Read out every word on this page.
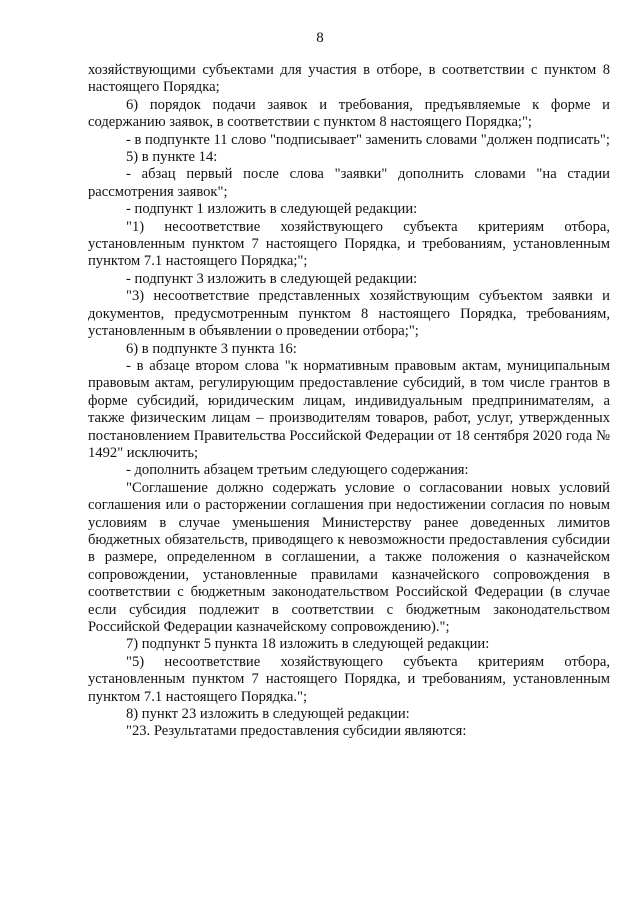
8

хозяйствующими субъектами для участия в отборе, в соответствии с пунктом 8 настоящего Порядка;

6) порядок подачи заявок и требования, предъявляемые к форме и содержанию заявок, в соответствии с пунктом 8 настоящего Порядка;";

- в подпункте 11 слово "подписывает" заменить словами "должен подписать";

5) в пункте 14:

- абзац первый после слова "заявки" дополнить словами "на стадии рассмотрения заявок";

- подпункт 1 изложить в следующей редакции:

"1) несоответствие хозяйствующего субъекта критериям отбора, установленным пунктом 7 настоящего Порядка, и требованиям, установленным пунктом 7.1 настоящего Порядка;";

- подпункт 3 изложить в следующей редакции:

"3) несоответствие представленных хозяйствующим субъектом заявки и документов, предусмотренным пунктом 8 настоящего Порядка, требованиям, установленным в объявлении о проведении отбора;";

6) в подпункте 3 пункта 16:

- в абзаце втором слова "к нормативным правовым актам, муниципальным правовым актам, регулирующим предоставление субсидий, в том числе грантов в форме субсидий, юридическим лицам, индивидуальным предпринимателям, а также физическим лицам – производителям товаров, работ, услуг, утвержденных постановлением Правительства Российской Федерации от 18 сентября 2020 года № 1492" исключить;

- дополнить абзацем третьим следующего содержания:

"Соглашение должно содержать условие о согласовании новых условий соглашения или о расторжении соглашения при недостижении согласия по новым условиям в случае уменьшения Министерству ранее доведенных лимитов бюджетных обязательств, приводящего к невозможности предоставления субсидии в размере, определенном в соглашении, а также положения о казначейском сопровождении, установленные правилами казначейского сопровождения в соответствии с бюджетным законодательством Российской Федерации (в случае если субсидия подлежит в соответствии с бюджетным законодательством Российской Федерации казначейскому сопровождению).";

7) подпункт 5 пункта 18 изложить в следующей редакции:

"5) несоответствие хозяйствующего субъекта критериям отбора, установленным пунктом 7 настоящего Порядка, и требованиям, установленным пунктом 7.1 настоящего Порядка.";

8) пункт 23 изложить в следующей редакции:

"23. Результатами предоставления субсидии являются:
